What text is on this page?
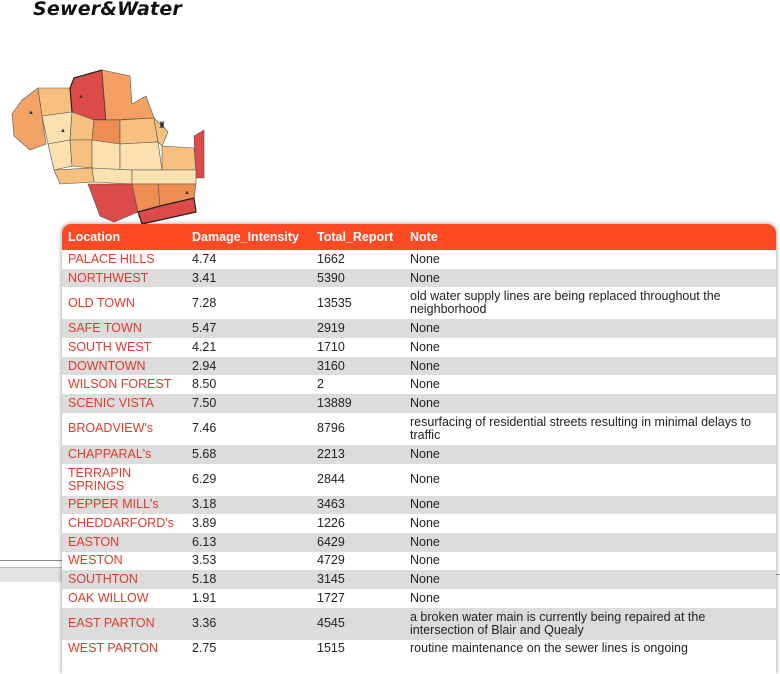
Sewer&Water
▲
♜
▲
▲
▲
Location	Damage_Intensity	Total_Report	Note
PALACE HILLS	4.74	1662	None
NORTHWEST	3.41	5390	None
OLD TOWN	7.28	13535	old water supply lines are being replaced throughout the neighborhood
SAFE TOWN	5.47	2919	None
SOUTH WEST	4.21	1710	None
DOWNTOWN	2.94	3160	None
WILSON FOREST	8.50	2	None
SCENIC VISTA	7.50	13889	None
BROADVIEW's	7.46	8796	resurfacing of residential streets resulting in minimal delays to traffic
CHAPPARAL's	5.68	2213	None
TERRAPIN SPRINGS	6.29	2844	None
PEPPER MILL's	3.18	3463	None
CHEDDARFORD's	3.89	1226	None
EASTON	6.13	6429	None
WESTON	3.53	4729	None
SOUTHTON	5.18	3145	None
OAK WILLOW	1.91	1727	None
EAST PARTON	3.36	4545	a broken water main is currently being repaired at the intersection of Blair and Quealy
WEST PARTON	2.75	1515	routine maintenance on the sewer lines is ongoing
